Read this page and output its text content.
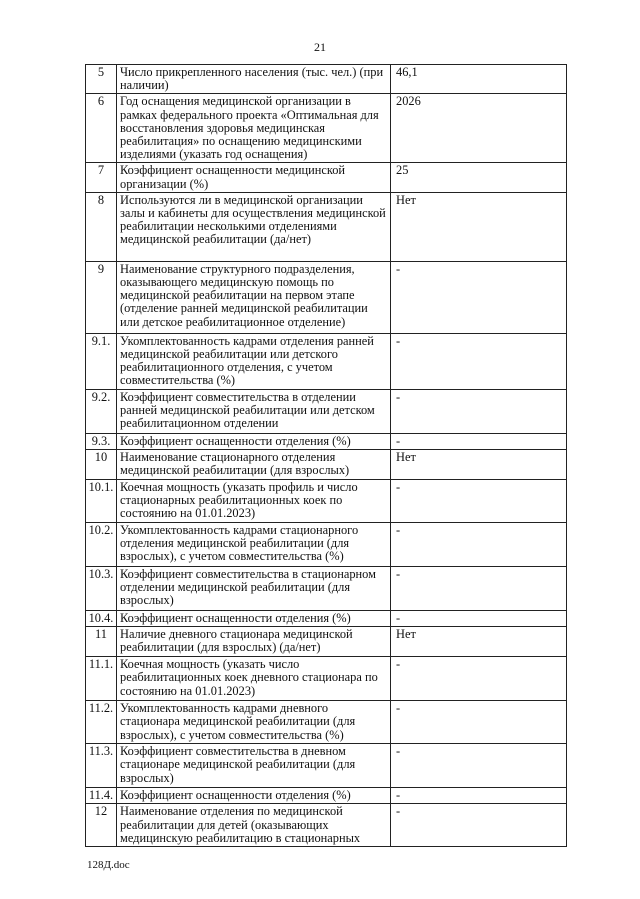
21
5	Число прикрепленного населения (тыс. чел.) (при наличии)	46,1
6	Год оснащения медицинской организации в рамках федерального проекта «Оптимальная для восстановления здоровья медицинская реабилитация» по оснащению медицинскими изделиями (указать год оснащения)	2026
7	Коэффициент оснащенности медицинской организации (%)	25
8	Используются ли в медицинской организации залы и кабинеты для осуществления медицинской реабилитации несколькими отделениями медицинской реабилитации (да/нет)	Нет
9	Наименование структурного подразделения, оказывающего медицинскую помощь по медицинской реабилитации на первом этапе (отделение ранней медицинской реабилитации или детское реабилитационное отделение)	-
9.1.	Укомплектованность кадрами отделения ранней медицинской реабилитации или детского реабилитационного отделения, с учетом совместительства (%)	-
9.2.	Коэффициент совместительства в отделении ранней медицинской реабилитации или детском реабилитационном отделении	-
9.3.	Коэффициент оснащенности отделения (%)	-
10	Наименование стационарного отделения медицинской реабилитации (для взрослых)	Нет
10.1.	Коечная мощность (указать профиль и число стационарных реабилитационных коек по состоянию на 01.01.2023)	-
10.2.	Укомплектованность кадрами стационарного отделения медицинской реабилитации (для взрослых), с учетом совместительства (%)	-
10.3.	Коэффициент совместительства в стационарном отделении медицинской реабилитации (для взрослых)	-
10.4.	Коэффициент оснащенности отделения (%)	-
11	Наличие дневного стационара медицинской реабилитации (для взрослых) (да/нет)	Нет
11.1.	Коечная мощность (указать число реабилитационных коек дневного стационара по состоянию на 01.01.2023)	-
11.2.	Укомплектованность кадрами дневного стационара медицинской реабилитации (для взрослых), с учетом совместительства (%)	-
11.3.	Коэффициент совместительства в дневном стационаре медицинской реабилитации (для взрослых)	-
11.4.	Коэффициент оснащенности отделения (%)	-
12	Наименование отделения по медицинской реабилитации для детей (оказывающих медицинскую реабилитацию в стационарных	-
128Д.doc
